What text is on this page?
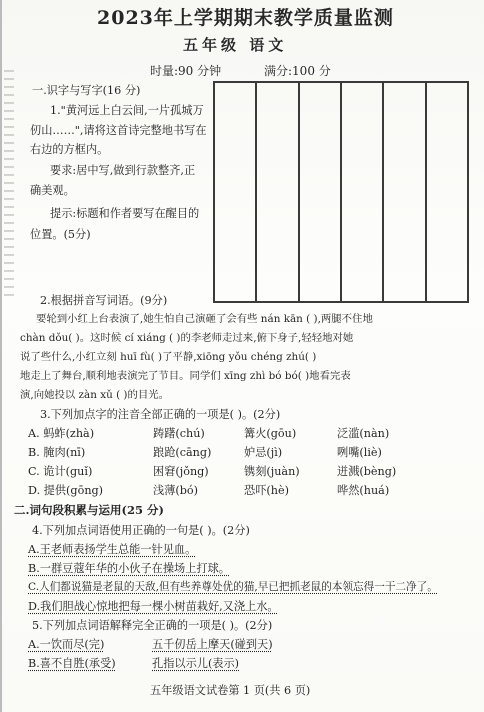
2023年上学期期末教学质量监测
五年级 语文
时量:90 分钟	满分:100 分
一.识字与写字(16 分)
1."黄河远上白云间,一片孤城万
仞山……",请将这首诗完整地书写在
右边的方框内。
要求:居中写,做到行款整齐,正
确美观。
提示:标题和作者要写在醒目的
位置。(5分)
2.根据拼音写词语。(9分)
要轮到小红上台表演了,她生怕自己演砸了会有些 nán kān ( ),两腿不住地
chàn dǒu( )。这时候 cí xiáng ( )的李老师走过来,俯下身子,轻轻地对她
说了些什么,小红立刻 huī fù( )了平静,xiōng yǒu chéng zhú( )
地走上了舞台,顺利地表演完了节目。同学们 xīng zhì bó bó( )地看完表
演,向她投以 zàn xǔ ( )的目光。
3.下列加点字的注音全部正确的一项是( )。(2分)
A. 蚂蚱(zhà)	踌躇(chú)	篝火(gōu)	泛滥(nàn)
B. 腌肉(nī)	踉跄(cāng)	妒忌(jì)	咧嘴(liè)
C. 诡计(guǐ)	困窘(jǒng)	镌刻(juàn)	迸溅(bèng)
D. 提供(gōng)	浅薄(bó)	恐吓(hè)	哗然(huá)
二.词句段积累与运用(25 分)
4.下列加点词语使用正确的一句是( )。(2分)
A.王老师表扬学生总能一针见血。
B.一群豆蔻年华的小伙子在操场上打球。
C.人们都说猫是老鼠的天敌,但有些养尊处优的猫,早已把抓老鼠的本领忘得一干二净了。
D.我们胆战心惊地把每一棵小树苗栽好,又浇上水。
5.下列加点词语解释完全正确的一项是( )。(2分)
A.一饮而尽(完)	五千仞岳上摩天(碰到天)
B.喜不自胜(承受)	孔指以示儿(表示)
五年级语文试卷第 1 页(共 6 页)
